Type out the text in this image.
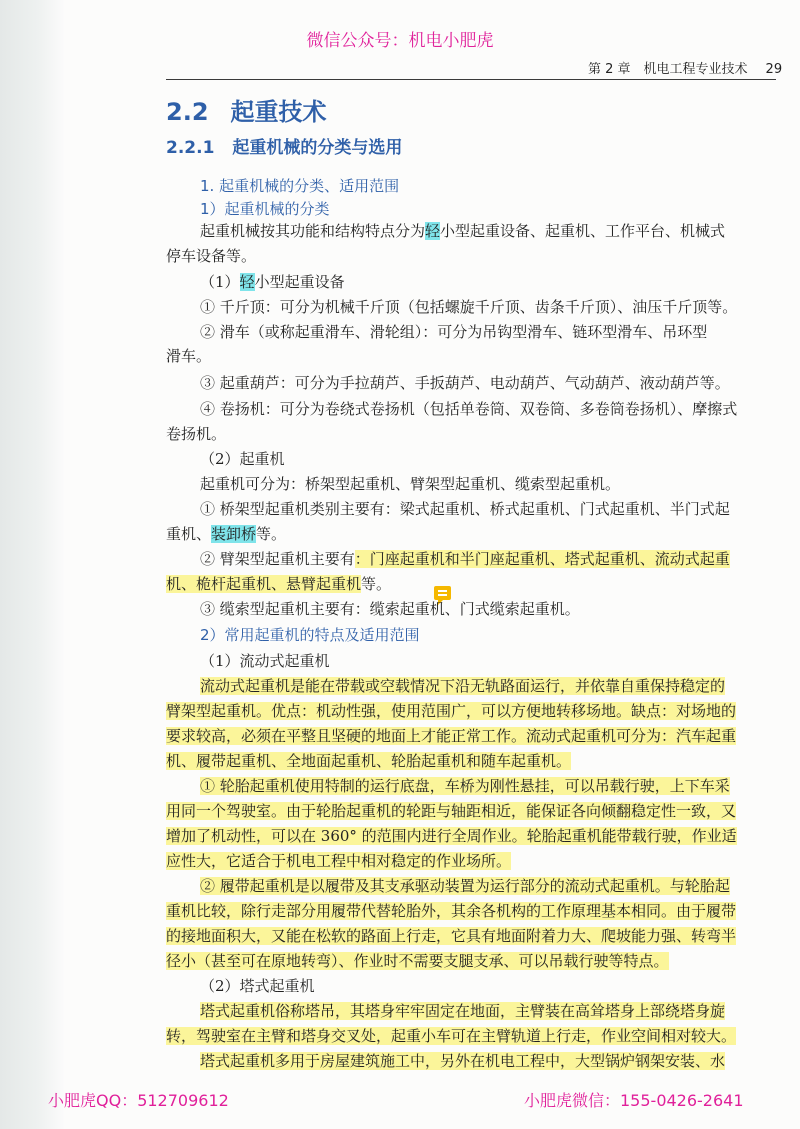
微信公众号：机电小肥虎
第 2 章　机电工程专业技术 29
2.2 起重技术
2.2.1 起重机械的分类与选用
1. 起重机械的分类、适用范围
1）起重机械的分类
起重机械按其功能和结构特点分为轻小型起重设备、起重机、工作平台、机械式
停车设备等。
（1）轻小型起重设备
① 千斤顶：可分为机械千斤顶（包括螺旋千斤顶、齿条千斤顶）、油压千斤顶等。
② 滑车（或称起重滑车、滑轮组）：可分为吊钩型滑车、链环型滑车、吊环型
滑车。
③ 起重葫芦：可分为手拉葫芦、手扳葫芦、电动葫芦、气动葫芦、液动葫芦等。
④ 卷扬机：可分为卷绕式卷扬机（包括单卷筒、双卷筒、多卷筒卷扬机）、摩擦式
卷扬机。
（2）起重机
起重机可分为：桥架型起重机、臂架型起重机、缆索型起重机。
① 桥架型起重机类别主要有：梁式起重机、桥式起重机、门式起重机、半门式起
重机、装卸桥等。
② 臂架型起重机主要有：门座起重机和半门座起重机、塔式起重机、流动式起重
机、桅杆起重机、悬臂起重机等。
③ 缆索型起重机主要有：缆索起重机、门式缆索起重机。
2）常用起重机的特点及适用范围
（1）流动式起重机
流动式起重机是能在带载或空载情况下沿无轨路面运行，并依靠自重保持稳定的
臂架型起重机。优点：机动性强，使用范围广，可以方便地转移场地。缺点：对场地的
要求较高，必须在平整且坚硬的地面上才能正常工作。流动式起重机可分为：汽车起重
机、履带起重机、全地面起重机、轮胎起重机和随车起重机。
① 轮胎起重机使用特制的运行底盘，车桥为刚性悬挂，可以吊载行驶，上下车采
用同一个驾驶室。由于轮胎起重机的轮距与轴距相近，能保证各向倾翻稳定性一致，又
增加了机动性，可以在 360° 的范围内进行全周作业。轮胎起重机能带载行驶，作业适
应性大，它适合于机电工程中相对稳定的作业场所。
② 履带起重机是以履带及其支承驱动装置为运行部分的流动式起重机。与轮胎起
重机比较，除行走部分用履带代替轮胎外，其余各机构的工作原理基本相同。由于履带
的接地面积大，又能在松软的路面上行走，它具有地面附着力大、爬坡能力强、转弯半
径小（甚至可在原地转弯）、作业时不需要支腿支承、可以吊载行驶等特点。
（2）塔式起重机
塔式起重机俗称塔吊，其塔身牢牢固定在地面，主臂装在高耸塔身上部绕塔身旋
转，驾驶室在主臂和塔身交叉处，起重小车可在主臂轨道上行走，作业空间相对较大。
塔式起重机多用于房屋建筑施工中，另外在机电工程中，大型锅炉钢架安装、水
小肥虎QQ：512709612	小肥虎微信：155-0426-2641
